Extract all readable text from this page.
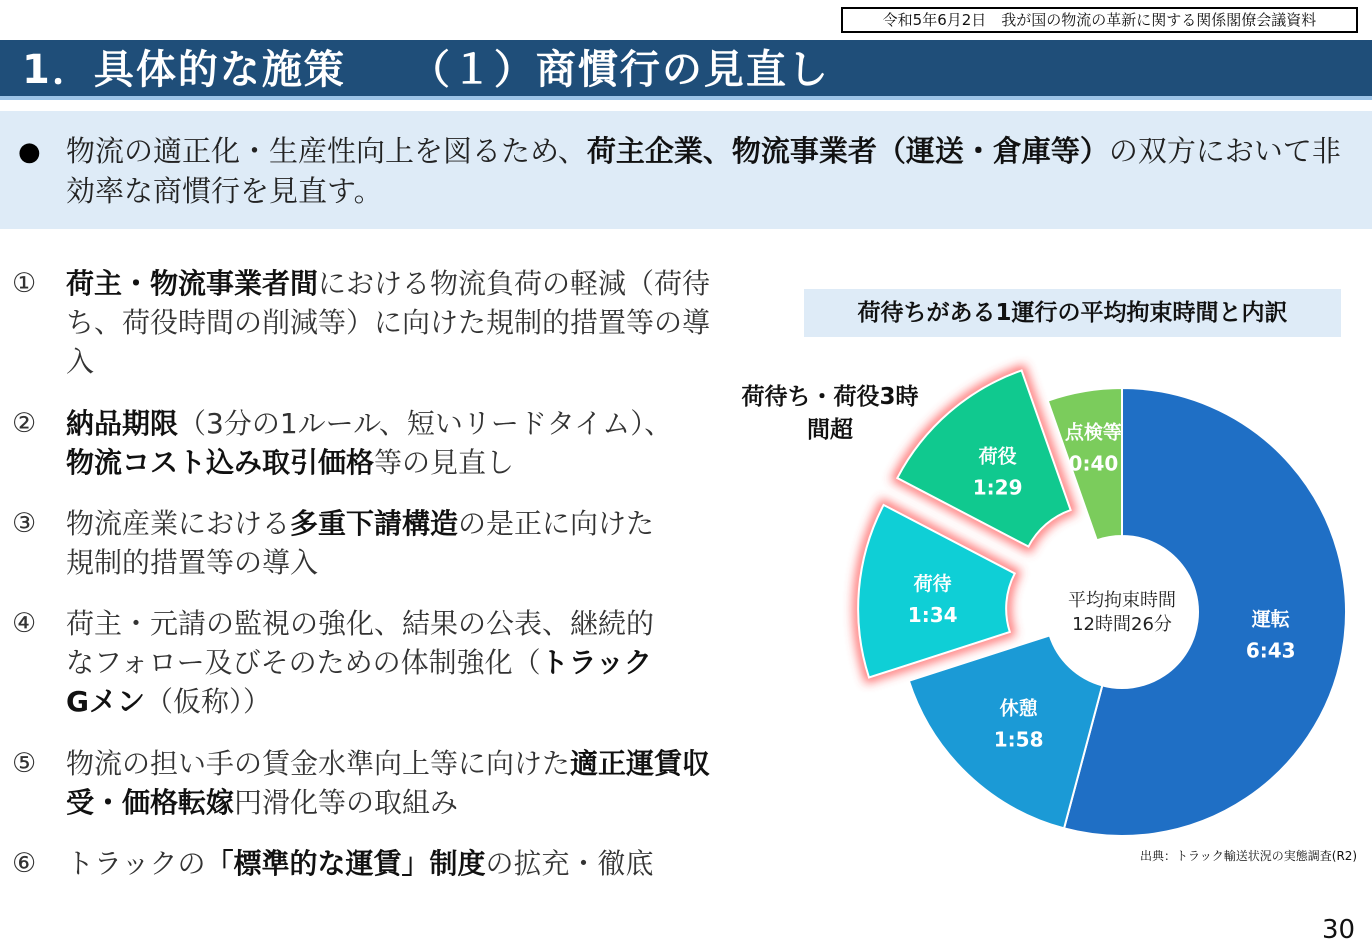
令和5年6月2日　我が国の物流の革新に関する関係閣僚会議資料
1．具体的な施策　　（１）商慣行の見直し
● 物流の適正化・生産性向上を図るため、荷主企業、物流事業者（運送・倉庫等）の双方において非効率な商慣行を見直す。
①	荷主・物流事業者間における物流負荷の軽減（荷待ち、荷役時間の削減等）に向けた規制的措置等の導入
②	納品期限（3分の1ルール、短いリードタイム）、
物流コスト込み取引価格等の見直し
③	物流産業における多重下請構造の是正に向けた規制的措置等の導入
④	荷主・元請の監視の強化、結果の公表、継続的なフォロー及びそのための体制強化（トラックGメン（仮称））
⑤	物流の担い手の賃金水準向上等に向けた適正運賃収受・価格転嫁円滑化等の取組み
⑥	トラックの「標準的な運賃」制度の拡充・徹底
荷待ちがある1運行の平均拘束時間と内訳
荷待ち・荷役3時間超
運転
6:43
休憩
1:58
荷待
1:34
荷役
1:29
点検等
0:40
平均拘束時間
12時間26分
出典：トラック輸送状況の実態調査(R2)
30
